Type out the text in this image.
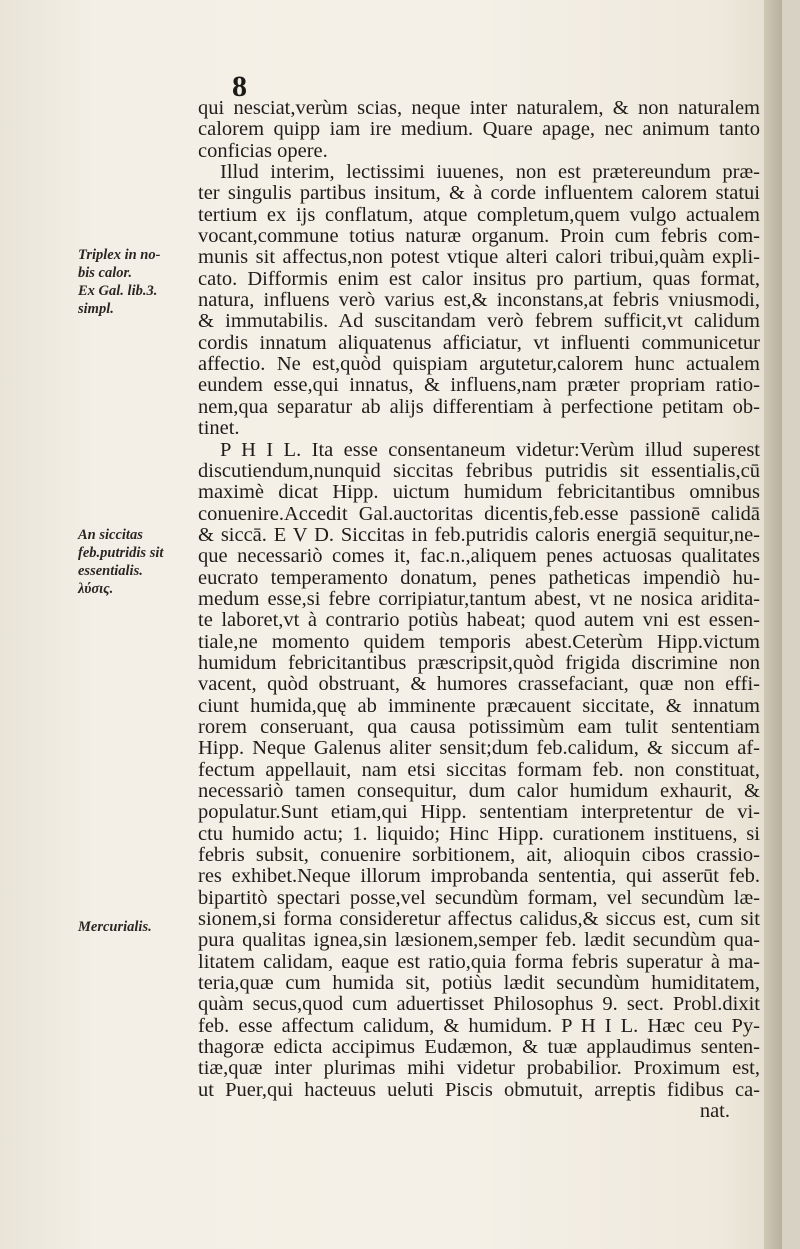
8
Triplex in no-
bis calor.
Ex Gal. lib.3.
simpl.
An siccitas
feb.putridis sit
essentialis.
λύσις.
Mercurialis.
qui nesciat,verùm scias, neque inter naturalem, & non naturalem
calorem quipp iam ire medium. Quare apage, nec animum tanto
conficias opere.
Illud interim, lectissimi iuuenes, non est prætereundum præ-
ter singulis partibus insitum, & à corde influentem calorem statui
tertium ex ijs conflatum, atque completum,quem vulgo actualem
vocant,commune totius naturæ organum. Proin cum febris com-
munis sit affectus,non potest vtique alteri calori tribui,quàm expli-
cato. Difformis enim est calor insitus pro partium, quas format,
natura, influens verò varius est,& inconstans,at febris vniusmodi,
& immutabilis. Ad suscitandam verò febrem sufficit,vt calidum
cordis innatum aliquatenus afficiatur, vt influenti communicetur
affectio. Ne est,quòd quispiam argutetur,calorem hunc actualem
eundem esse,qui innatus, & influens,nam præter propriam ratio-
nem,qua separatur ab alijs differentiam à perfectione petitam ob-
tinet.
P H I L. Ita esse consentaneum videtur:Verùm illud superest
discutiendum,nunquid siccitas febribus putridis sit essentialis,cū
maximè dicat Hipp. uictum humidum febricitantibus omnibus
conuenire.Accedit Gal.auctoritas dicentis,feb.esse passionē calidā
& siccā. E V D. Siccitas in feb.putridis caloris energiā sequitur,ne-
que necessariò comes it, fac.n.,aliquem penes actuosas qualitates
eucrato temperamento donatum, penes patheticas impendiò hu-
medum esse,si febre corripiatur,tantum abest, vt ne nosica aridita-
te laboret,vt à contrario potiùs habeat; quod autem vni est essen-
tiale,ne momento quidem temporis abest.Ceterùm Hipp.victum
humidum febricitantibus præscripsit,quòd frigida discrimine non
vacent, quòd obstruant, & humores crassefaciant, quæ non effi-
ciunt humida,quę ab imminente præcauent siccitate, & innatum
rorem conseruant, qua causa potissimùm eam tulit sententiam
Hipp. Neque Galenus aliter sensit;dum feb.calidum, & siccum af-
fectum appellauit, nam etsi siccitas formam feb. non constituat,
necessariò tamen consequitur, dum calor humidum exhaurit, &
populatur.Sunt etiam,qui Hipp. sententiam interpretentur de vi-
ctu humido actu; 1. liquido; Hinc Hipp. curationem instituens, si
febris subsit, conuenire sorbitionem, ait, alioquin cibos crassio-
res exhibet.Neque illorum improbanda sententia, qui asserūt feb.
bipartitò spectari posse,vel secundùm formam, vel secundùm læ-
sionem,si forma consideretur affectus calidus,& siccus est, cum sit
pura qualitas ignea,sin læsionem,semper feb. lædit secundùm qua-
litatem calidam, eaque est ratio,quia forma febris superatur à ma-
teria,quæ cum humida sit, potiùs lædit secundùm humiditatem,
quàm secus,quod cum aduertisset Philosophus 9. sect. Probl.dixit
feb. esse affectum calidum, & humidum. P H I L. Hæc ceu Py-
thagoræ edicta accipimus Eudæmon, & tuæ applaudimus senten-
tiæ,quæ inter plurimas mihi videtur probabilior. Proximum est,
ut Puer,qui hacteuus ueluti Piscis obmutuit, arreptis fidibus ca-
nat.
